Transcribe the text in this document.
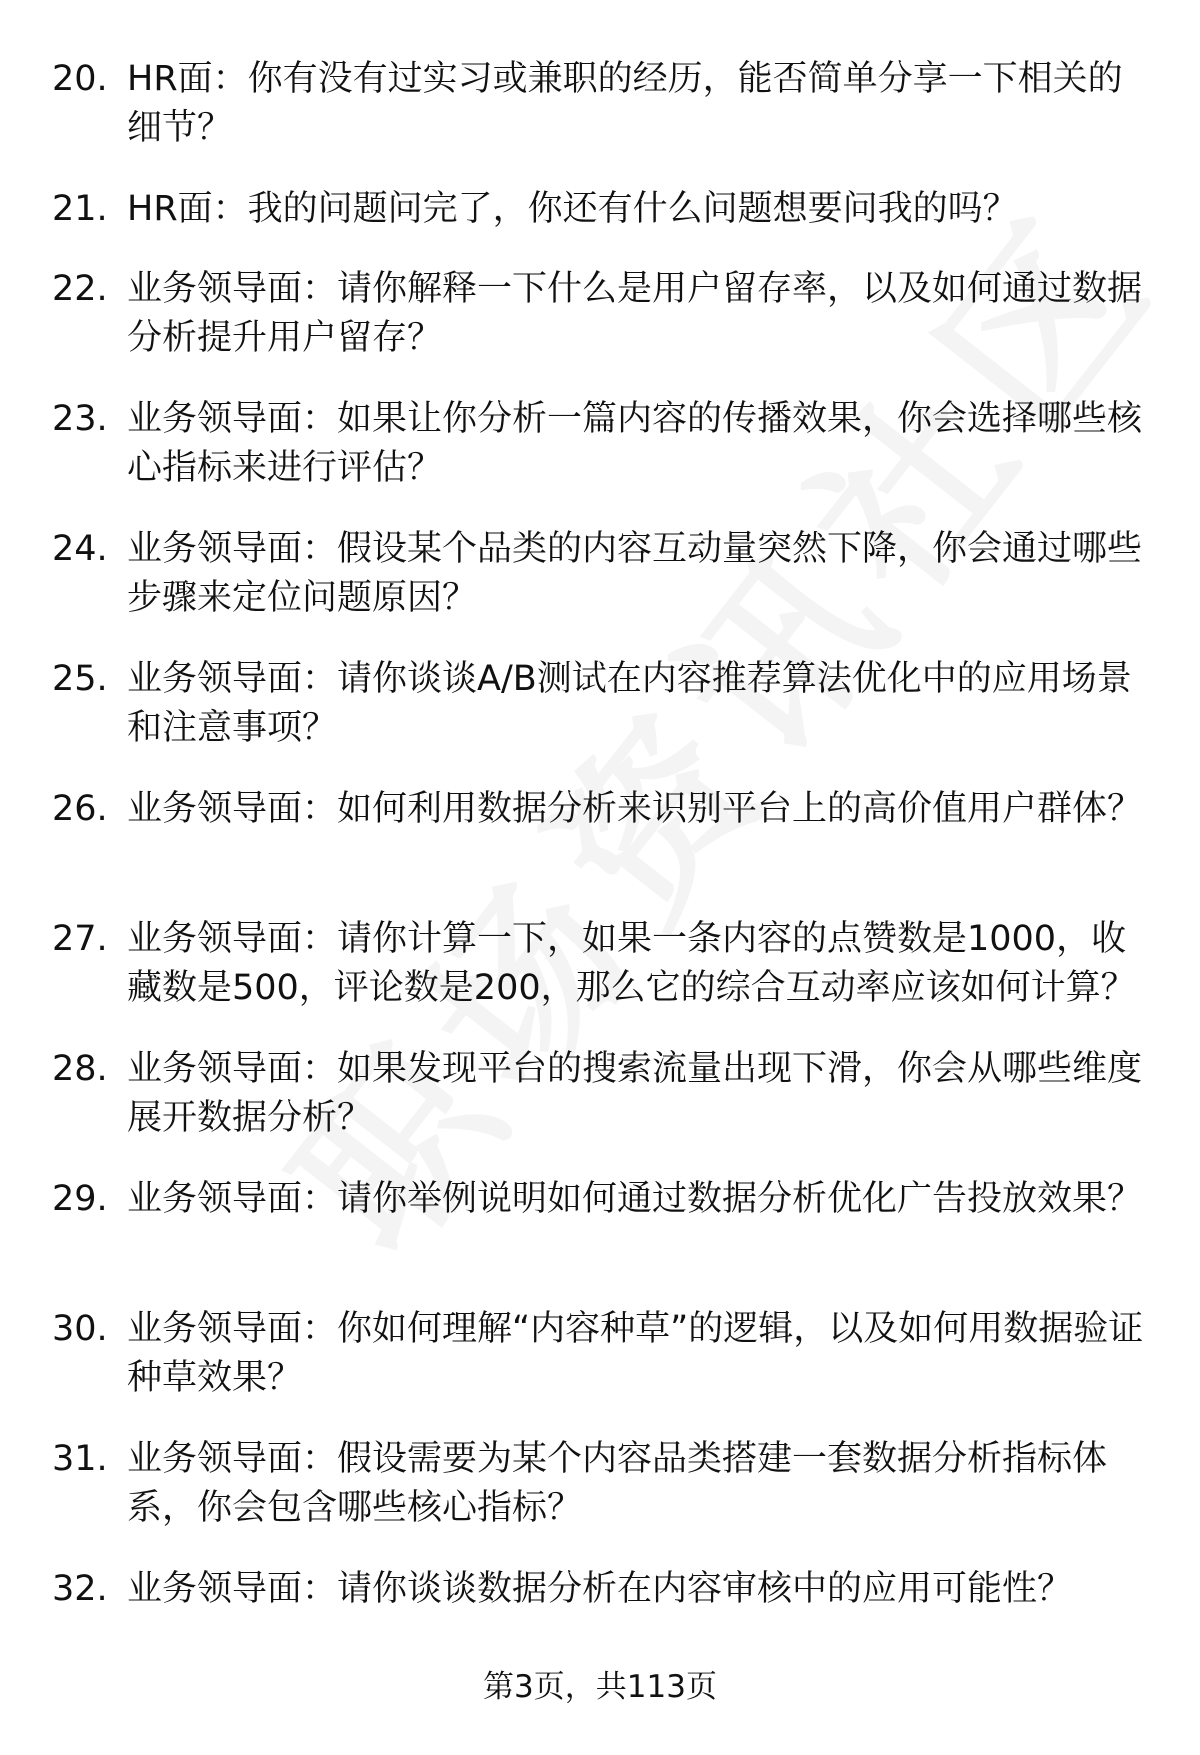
20. HR面：你有没有过实习或兼职的经历，能否简单分享一下相关的细节？
21. HR面：我的问题问完了，你还有什么问题想要问我的吗？
22. 业务领导面：请你解释一下什么是用户留存率，以及如何通过数据分析提升用户留存？
23. 业务领导面：如果让你分析一篇内容的传播效果，你会选择哪些核心指标来进行评估？
24. 业务领导面：假设某个品类的内容互动量突然下降，你会通过哪些步骤来定位问题原因？
25. 业务领导面：请你谈谈A/B测试在内容推荐算法优化中的应用场景和注意事项？
26. 业务领导面：如何利用数据分析来识别平台上的高价值用户群体？
27. 业务领导面：请你计算一下，如果一条内容的点赞数是1000，收藏数是500，评论数是200，那么它的综合互动率应该如何计算？
28. 业务领导面：如果发现平台的搜索流量出现下滑，你会从哪些维度展开数据分析？
29. 业务领导面：请你举例说明如何通过数据分析优化广告投放效果？
30. 业务领导面：你如何理解“内容种草”的逻辑，以及如何用数据验证种草效果？
31. 业务领导面：假设需要为某个内容品类搭建一套数据分析指标体系，你会包含哪些核心指标？
32. 业务领导面：请你谈谈数据分析在内容审核中的应用可能性？
第3页，共113页
